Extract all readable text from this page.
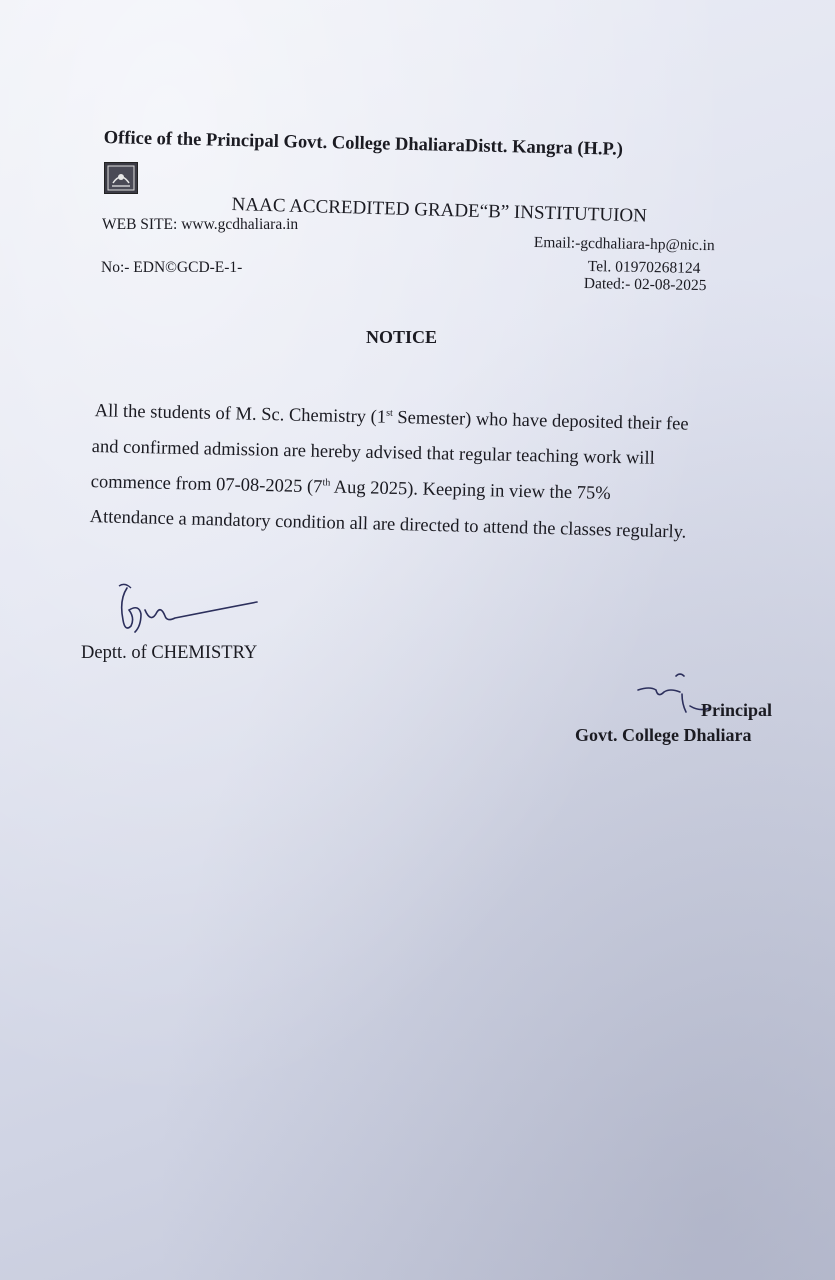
Office of the Principal Govt. College DhaliaraDistt. Kangra (H.P.)
NAAC ACCREDITED GRADE“B” INSTITUTUION
WEB SITE: www.gcdhaliara.in
Email:-gcdhaliara-hp@nic.in
Tel. 01970268124
Dated:- 02-08-2025
No:- EDN©GCD-E-1-
NOTICE
All the students of M. Sc. Chemistry (1st Semester) who have deposited their fee
and confirmed admission are hereby advised that regular teaching work will
commence from 07-08-2025 (7th Aug 2025). Keeping in view the 75%
Attendance a mandatory condition all are directed to attend the classes regularly.
Deptt. of CHEMISTRY
Principal
Govt. College Dhaliara
